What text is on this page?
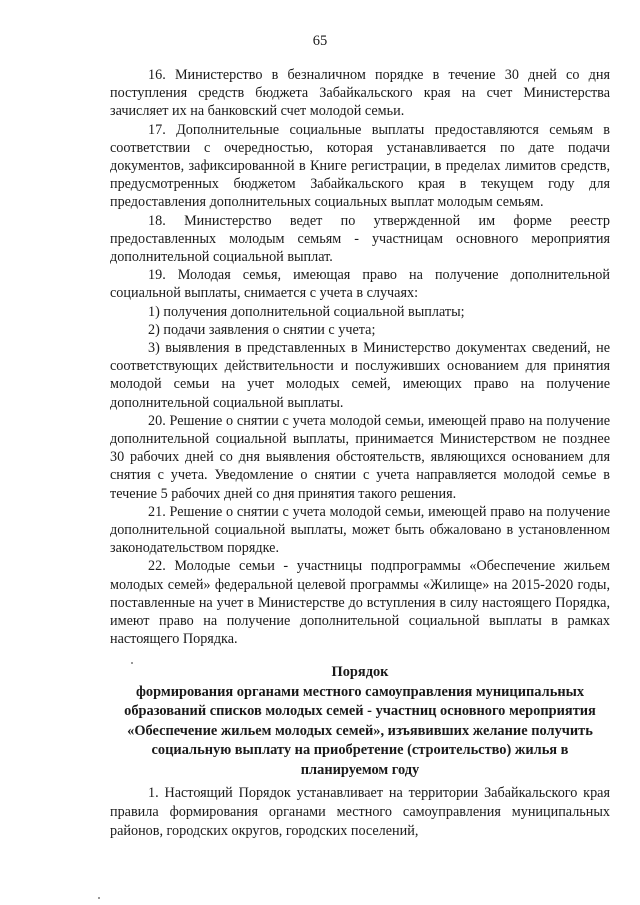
65

16. Министерство в безналичном порядке в течение 30 дней со дня поступления средств бюджета Забайкальского края на счет Министерства зачисляет их на банковский счет молодой семьи.

17. Дополнительные социальные выплаты предоставляются семьям в соответствии с очередностью, которая устанавливается по дате подачи документов, зафиксированной в Книге регистрации, в пределах лимитов средств, предусмотренных бюджетом Забайкальского края в текущем году для предоставления дополнительных социальных выплат молодым семьям.

18. Министерство ведет по утвержденной им форме реестр предоставленных молодым семьям - участницам основного мероприятия дополнительной социальной выплат.

19. Молодая семья, имеющая право на получение дополнительной социальной выплаты, снимается с учета в случаях:

1) получения дополнительной социальной выплаты;

2) подачи заявления о снятии с учета;

3) выявления в представленных в Министерство документах сведений, не соответствующих действительности и послуживших основанием для принятия молодой семьи на учет молодых семей, имеющих право на получение дополнительной социальной выплаты.

20. Решение о снятии с учета молодой семьи, имеющей право на получение дополнительной социальной выплаты, принимается Министерством не позднее 30 рабочих дней со дня выявления обстоятельств, являющихся основанием для снятия с учета. Уведомление о снятии с учета направляется молодой семье в течение 5 рабочих дней со дня принятия такого решения.

21. Решение о снятии с учета молодой семьи, имеющей право на получение дополнительной социальной выплаты, может быть обжаловано в установленном законодательством порядке.

22. Молодые семьи - участницы подпрограммы «Обеспечение жильем молодых семей» федеральной целевой программы «Жилище» на 2015-2020 годы, поставленные на учет в Министерстве до вступления в силу настоящего Порядка, имеют право на получение дополнительной социальной выплаты в рамках настоящего Порядка.

Порядок

формирования органами местного самоуправления муниципальных образований списков молодых семей - участниц основного мероприятия «Обеспечение жильем молодых семей», изъявивших желание получить социальную выплату на приобретение (строительство) жилья в планируемом году

1. Настоящий Порядок устанавливает на территории Забайкальского края правила формирования органами местного самоуправления муниципальных районов, городских округов, городских поселений,
